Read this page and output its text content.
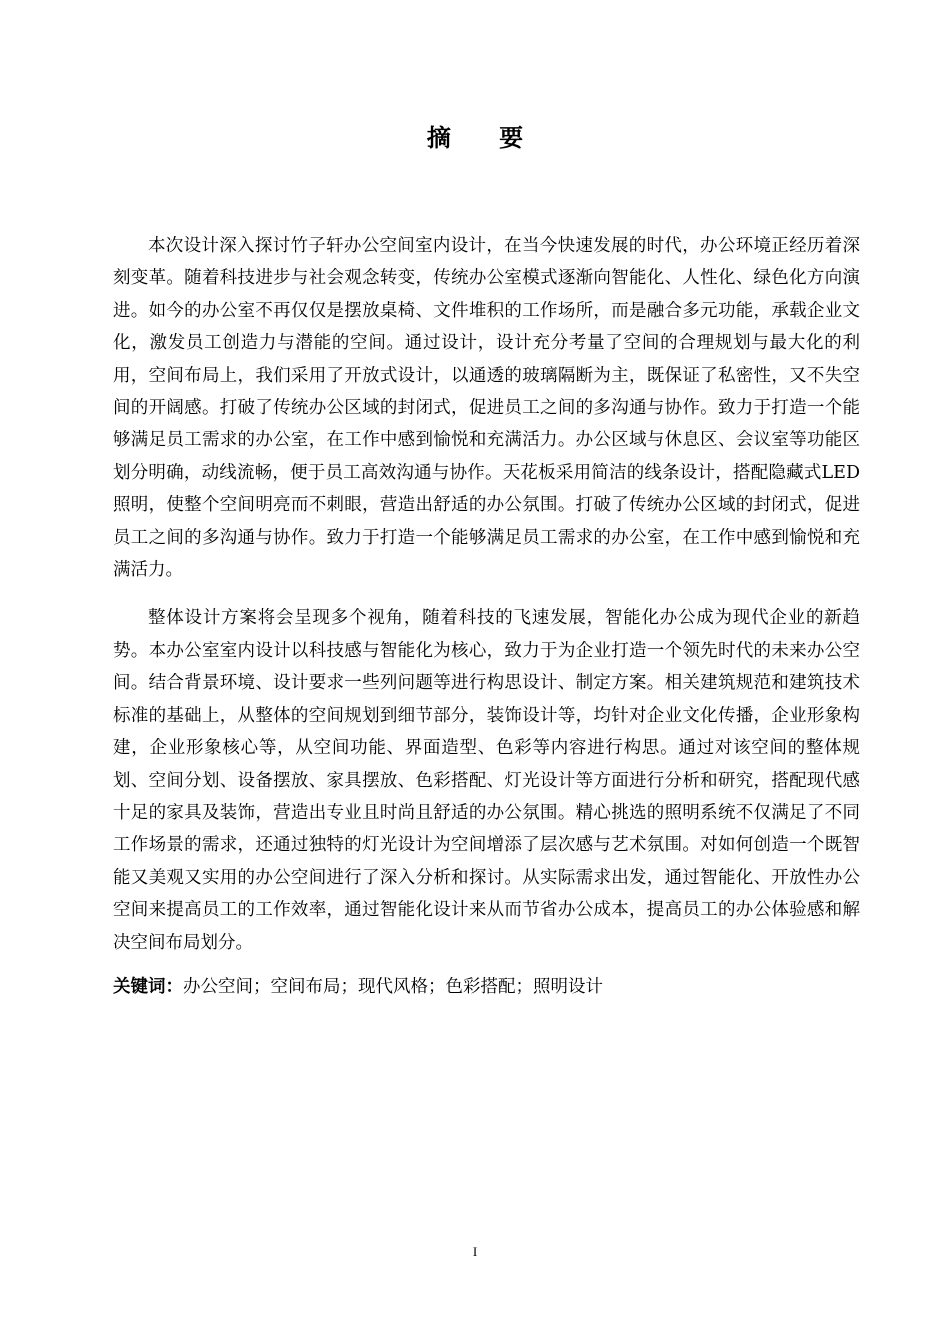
摘 要

本次设计深入探讨竹子轩办公空间室内设计，在当今快速发展的时代，办公环境正经历着深刻变革。随着科技进步与社会观念转变，传统办公室模式逐渐向智能化、人性化、绿色化方向演进。如今的办公室不再仅仅是摆放桌椅、文件堆积的工作场所，而是融合多元功能，承载企业文化，激发员工创造力与潜能的空间。通过设计，设计充分考量了空间的合理规划与最大化的利用，空间布局上，我们采用了开放式设计，以通透的玻璃隔断为主，既保证了私密性，又不失空间的开阔感。打破了传统办公区域的封闭式，促进员工之间的多沟通与协作。致力于打造一个能够满足员工需求的办公室，在工作中感到愉悦和充满活力。办公区域与休息区、会议室等功能区划分明确，动线流畅，便于员工高效沟通与协作。天花板采用简洁的线条设计，搭配隐藏式LED照明，使整个空间明亮而不刺眼，营造出舒适的办公氛围。打破了传统办公区域的封闭式，促进员工之间的多沟通与协作。致力于打造一个能够满足员工需求的办公室，在工作中感到愉悦和充满活力。

整体设计方案将会呈现多个视角，随着科技的飞速发展，智能化办公成为现代企业的新趋势。本办公室室内设计以科技感与智能化为核心，致力于为企业打造一个领先时代的未来办公空间。结合背景环境、设计要求一些列问题等进行构思设计、制定方案。相关建筑规范和建筑技术标准的基础上，从整体的空间规划到细节部分，装饰设计等，均针对企业文化传播，企业形象构建，企业形象核心等，从空间功能、界面造型、色彩等内容进行构思。通过对该空间的整体规划、空间分划、设备摆放、家具摆放、色彩搭配、灯光设计等方面进行分析和研究，搭配现代感十足的家具及装饰，营造出专业且时尚且舒适的办公氛围。精心挑选的照明系统不仅满足了不同工作场景的需求，还通过独特的灯光设计为空间增添了层次感与艺术氛围。对如何创造一个既智能又美观又实用的办公空间进行了深入分析和探讨。从实际需求出发，通过智能化、开放性办公空间来提高员工的工作效率，通过智能化设计来从而节省办公成本，提高员工的办公体验感和解决空间布局划分。

关键词：办公空间；空间布局；现代风格；色彩搭配；照明设计

I
